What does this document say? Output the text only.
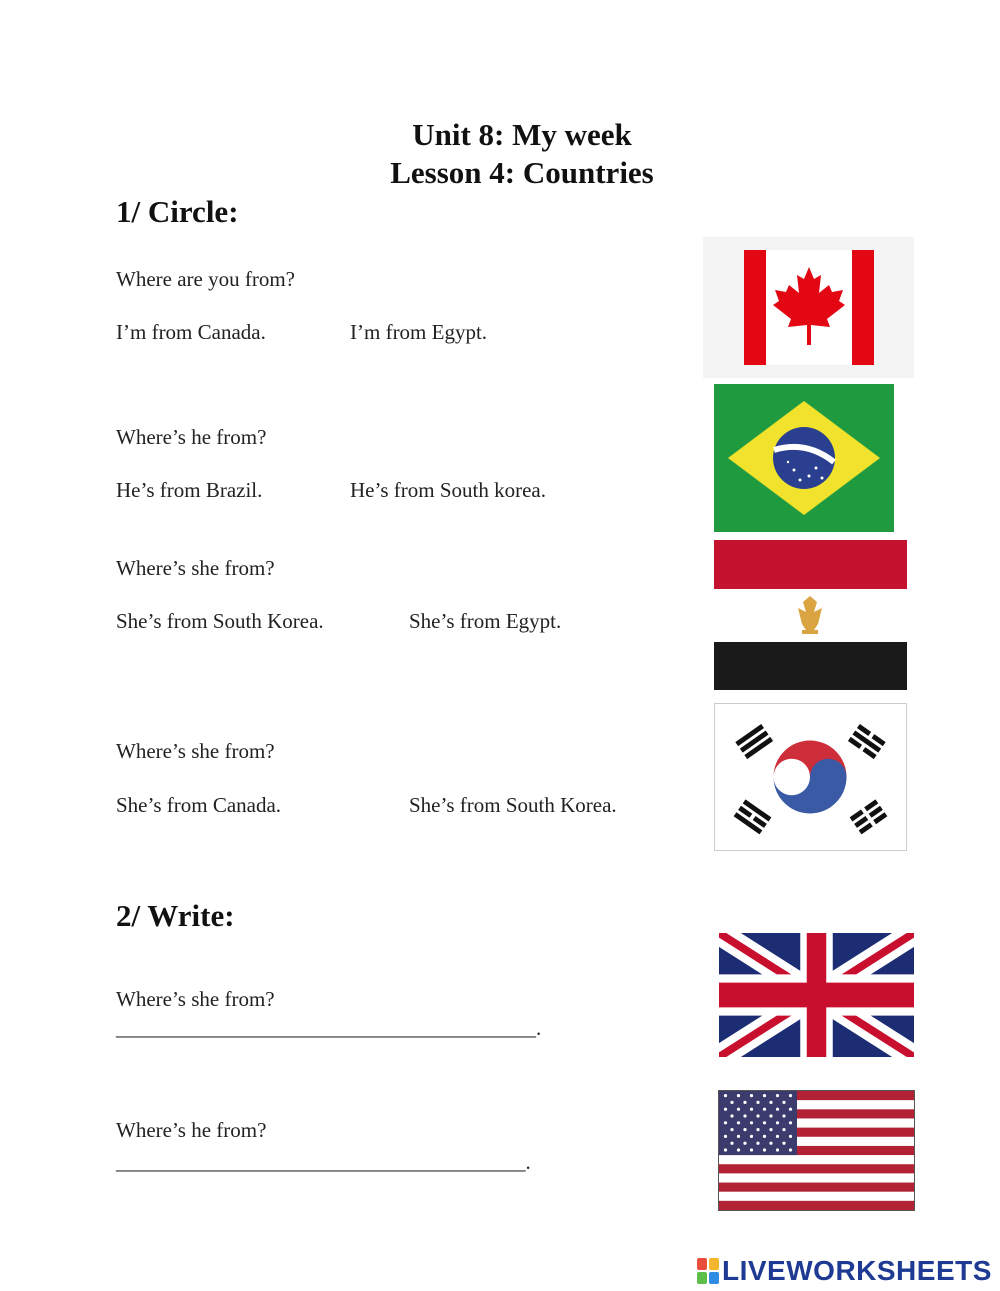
Unit 8: My week
Lesson 4: Countries
1/ Circle:
Where are you from?
I’m from Canada.	I’m from Egypt.
Where’s he from?
He’s from Brazil.	He’s from South korea.
Where’s she from?
She’s from South Korea.	She’s from Egypt.
Where’s she from?
She’s from Canada.	She’s from South Korea.
2/ Write:
Where’s she from?
________________________________________.
Where’s he from?
_______________________________________.
LIVEWORKSHEETS
